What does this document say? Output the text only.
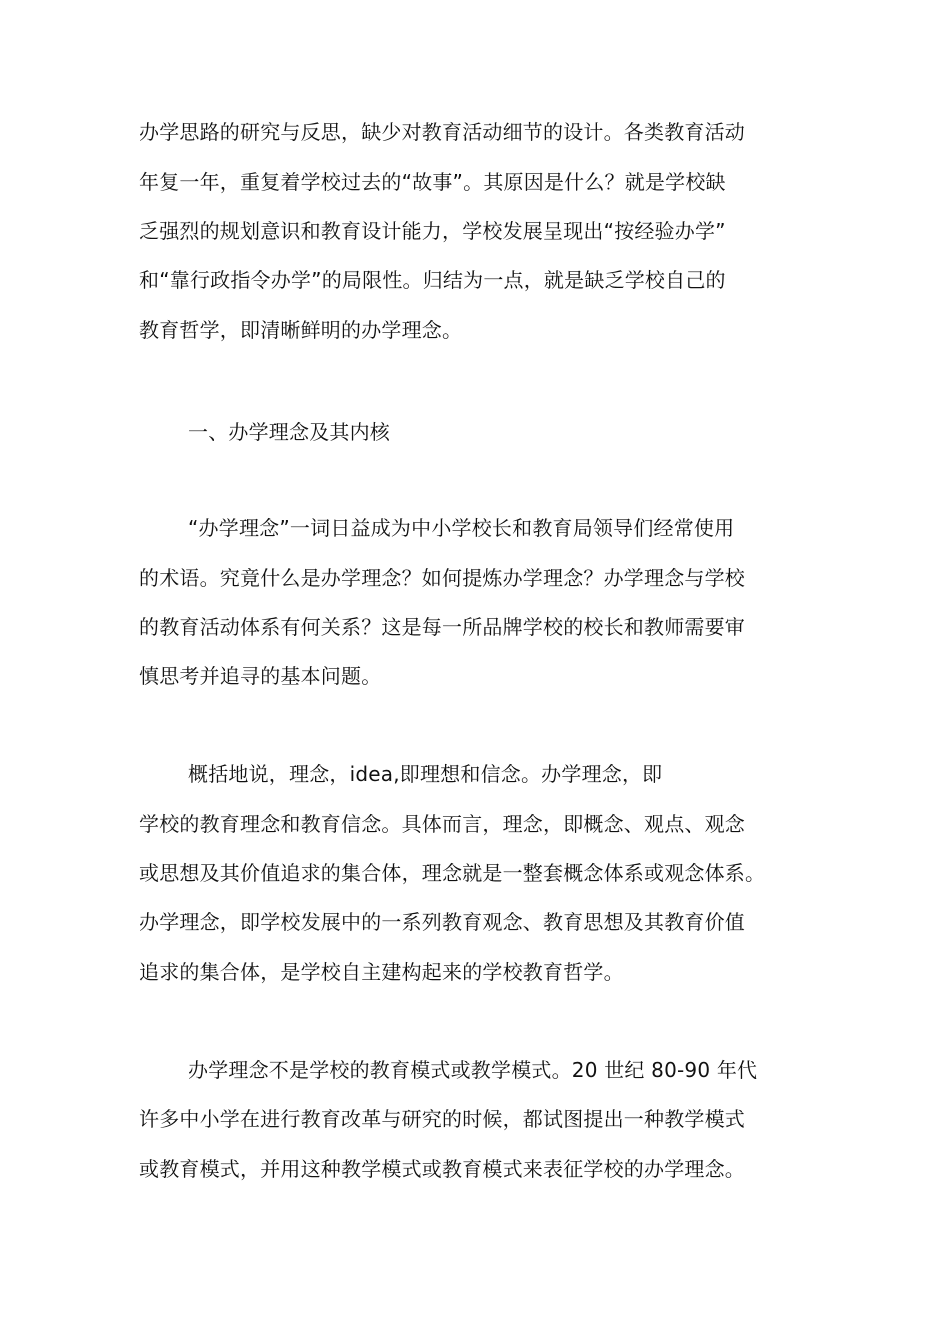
办学思路的研究与反思，缺少对教育活动细节的设计。各类教育活动
年复一年，重复着学校过去的“故事”。其原因是什么？就是学校缺
乏强烈的规划意识和教育设计能力，学校发展呈现出“按经验办学”
和“靠行政指令办学”的局限性。归结为一点，就是缺乏学校自己的
教育哲学，即清晰鲜明的办学理念。
一、办学理念及其内核
“办学理念”一词日益成为中小学校长和教育局领导们经常使用
的术语。究竟什么是办学理念？如何提炼办学理念？办学理念与学校
的教育活动体系有何关系？这是每一所品牌学校的校长和教师需要审
慎思考并追寻的基本问题。
概括地说，理念，idea,即理想和信念。办学理念，即
学校的教育理念和教育信念。具体而言，理念，即概念、观点、观念
或思想及其价值追求的集合体，理念就是一整套概念体系或观念体系。
办学理念，即学校发展中的一系列教育观念、教育思想及其教育价值
追求的集合体，是学校自主建构起来的学校教育哲学。
办学理念不是学校的教育模式或教学模式。20 世纪 80-90 年代
许多中小学在进行教育改革与研究的时候，都试图提出一种教学模式
或教育模式，并用这种教学模式或教育模式来表征学校的办学理念。
